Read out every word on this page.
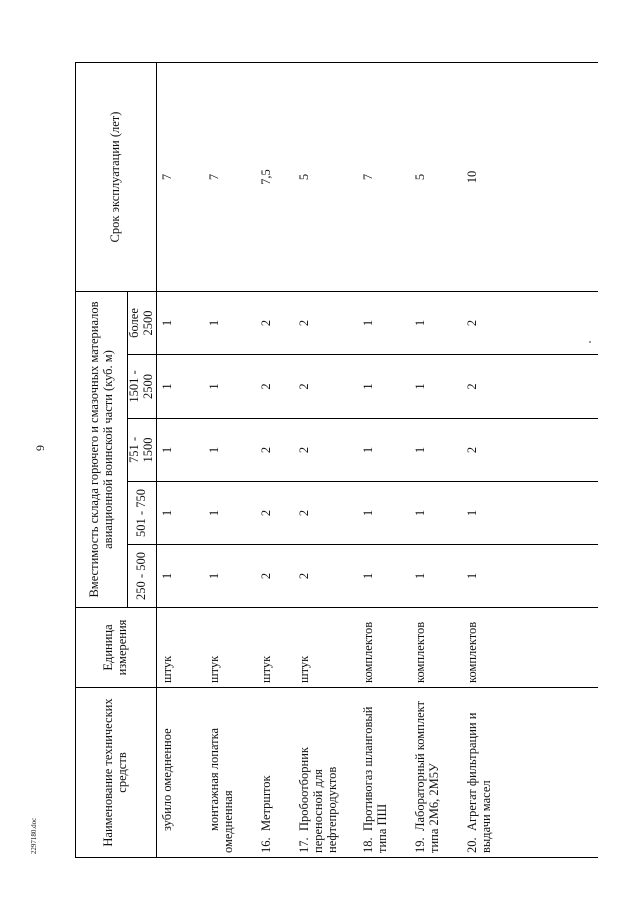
6
2297180.doc	Наименование технических средств	Единица измерения	Вместимость склада горючего и смазочных материалов авиационной воинской части (куб. м)					Срок эксплуатации (лет)
		250 - 500	501 - 750	751 - 1500	1501 - 2500	более 2500	
зубило омедненное	штук	1	1	1	1	1	7
монтажная лопатка омедненная	штук	1	1	1	1	1	7
16.Метршток	штук	2	2	2	2	2	7,5
17.Пробоотборник переносной для нефтепродуктов	штук	2	2	2	2	2	5
18.Противогаз шланговый типа ПШ	комплектов	1	1	1	1	1	7
19.Лабораторный комплект типа 2М6, 2М5У	комплектов	1	1	1	1	1	5
20.Агрегат фильтрации и выдачи масел	комплектов	1	1	2	2	2	10
